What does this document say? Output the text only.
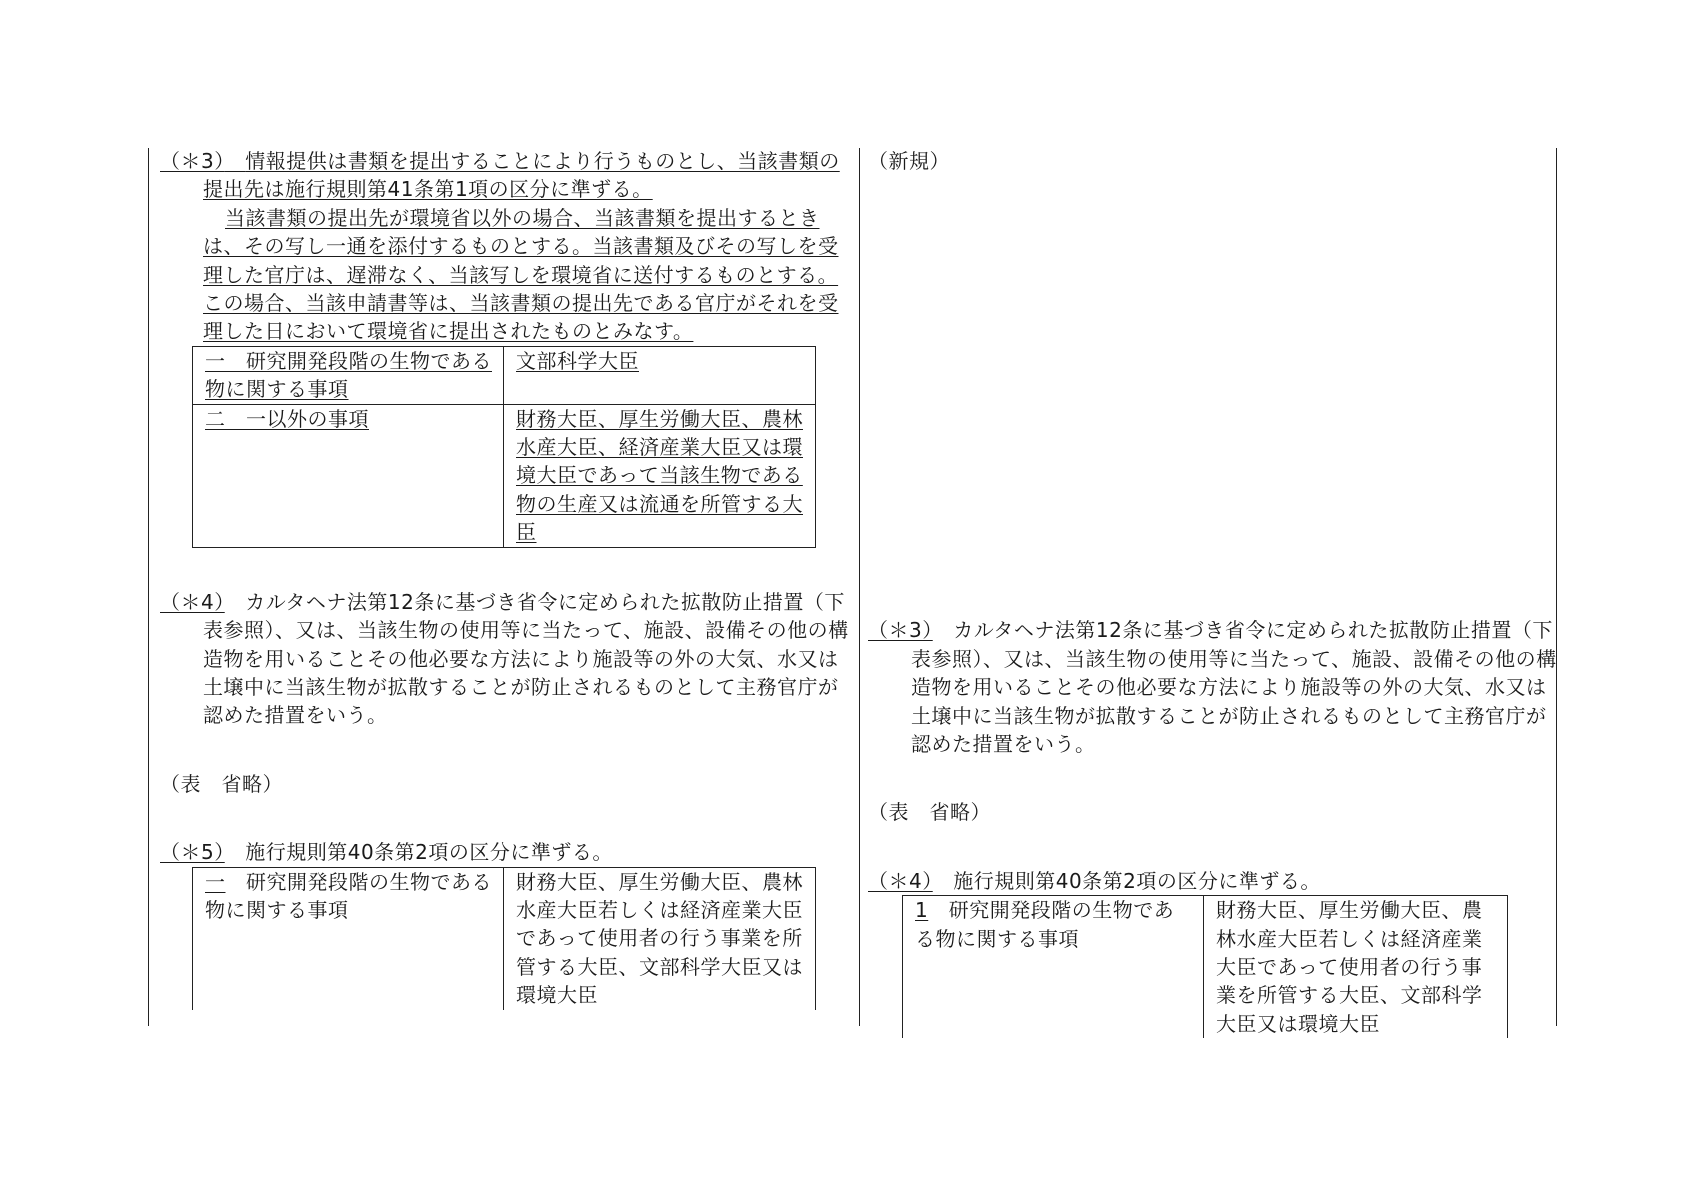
（＊3）　 情報提供は書類を提出することにより行うものとし、当該書類の提出先は施行規則第41条第1項の区分に準ずる。

当該書類の提出先が環境省以外の場合、当該書類を提出するときは、その写し一通を添付するものとする。当該書類及びその写しを受理した官庁は、遅滞なく、当該写しを環境省に送付するものとする。この場合、当該申請書等は、当該書類の提出先である官庁がそれを受理した日において環境省に提出されたものとみなす。

一　研究開発段階の生物である物に関する事項	文部科学大臣
二　一以外の事項	財務大臣、厚生労働大臣、農林水産大臣、経済産業大臣又は環境大臣であって当該生物である物の生産又は流通を所管する大臣

（＊4）　 カルタヘナ法第12条に基づき省令に定められた拡散防止措置（下表参照）、又は、当該生物の使用等に当たって、施設、設備その他の構造物を用いることその他必要な方法により施設等の外の大気、水又は土壌中に当該生物が拡散することが防止されるものとして主務官庁が認めた措置をいう。

（表　省略）

（＊5）　 施行規則第40条第2項の区分に準ずる。

一　研究開発段階の生物である物に関する事項	財務大臣、厚生労働大臣、農林水産大臣若しくは経済産業大臣であって使用者の行う事業を所管する大臣、文部科学大臣又は環境大臣

（新規）

（＊3）　 カルタヘナ法第12条に基づき省令に定められた拡散防止措置（下表参照）、又は、当該生物の使用等に当たって、施設、設備その他の構造物を用いることその他必要な方法により施設等の外の大気、水又は土壌中に当該生物が拡散することが防止されるものとして主務官庁が認めた措置をいう。

（表　省略）

（＊4）　 施行規則第40条第2項の区分に準ずる。

1　研究開発段階の生物である物に関する事項	財務大臣、厚生労働大臣、農林水産大臣若しくは経済産業大臣であって使用者の行う事業を所管する大臣、文部科学大臣又は環境大臣
